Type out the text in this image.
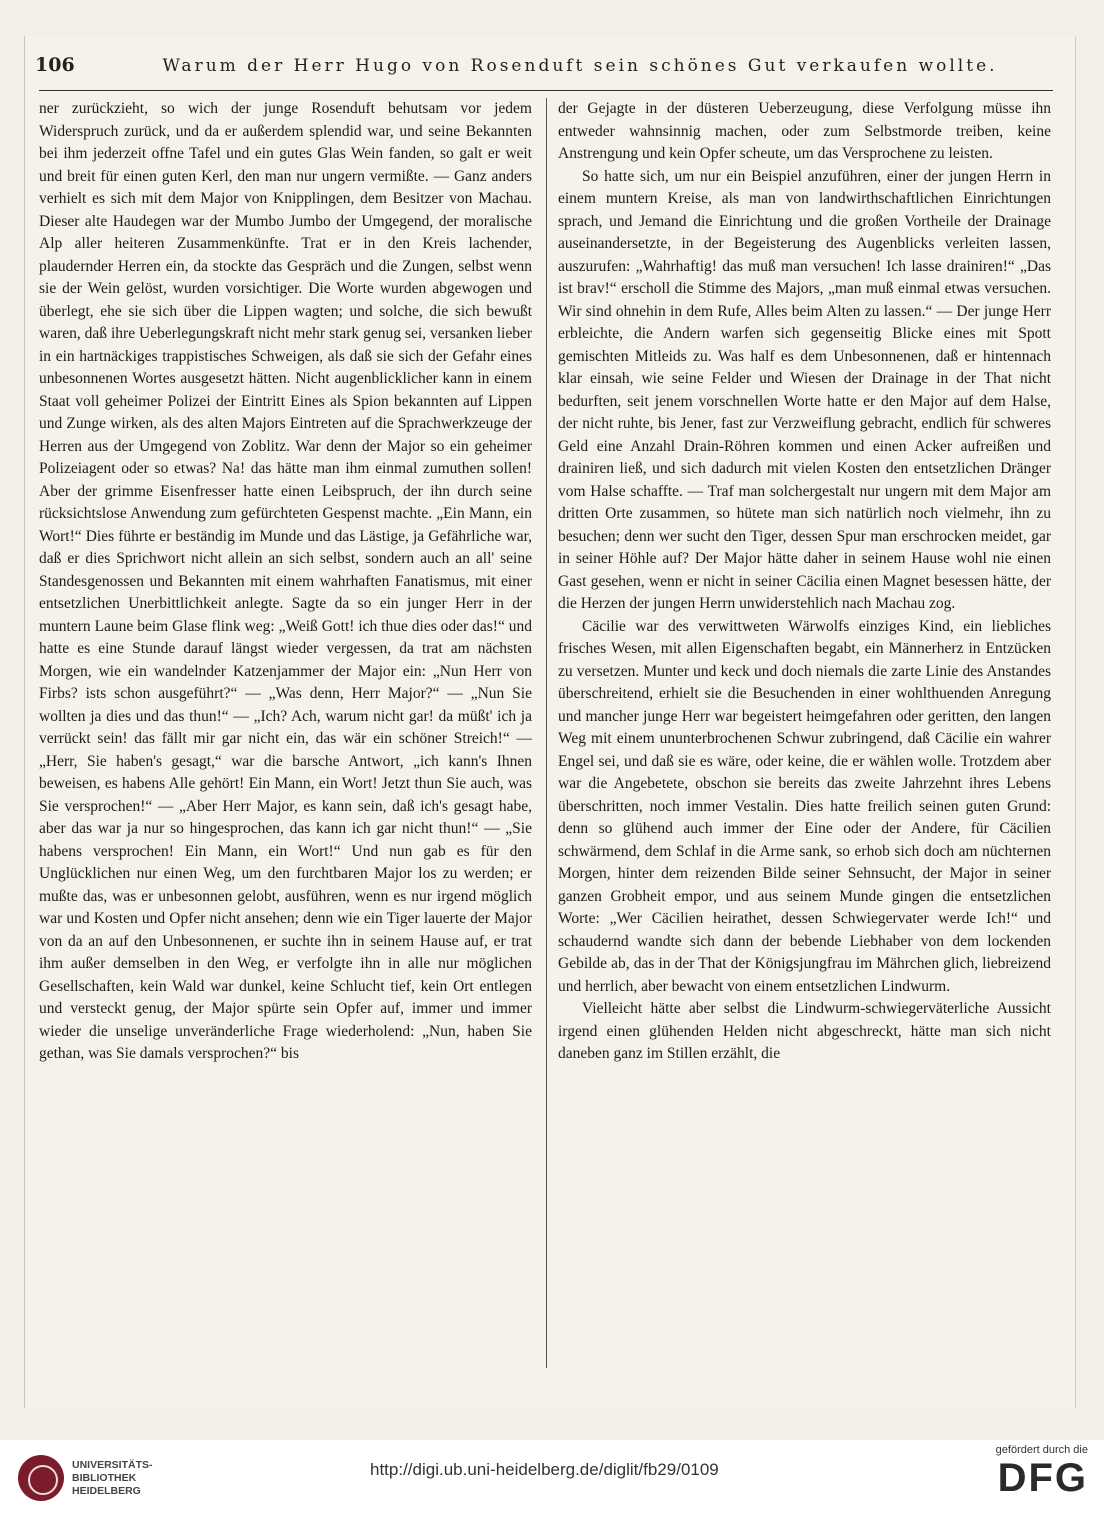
106	Warum der Herr Hugo von Rosenduft sein schönes Gut verkaufen wollte.

ner zurückzieht, so wich der junge Rosenduft behutsam vor jedem Widerspruch zurück, und da er außerdem splendid war, und seine Bekannten bei ihm jederzeit offne Tafel und ein gutes Glas Wein fanden, so galt er weit und breit für einen guten Kerl, den man nur ungern vermißte. — Ganz anders verhielt es sich mit dem Major von Knipplingen, dem Besitzer von Machau. Dieser alte Haudegen war der Mumbo Jumbo der Umgegend, der moralische Alp aller heiteren Zusammenkünfte. Trat er in den Kreis lachender, plaudernder Herren ein, da stockte das Gespräch und die Zungen, selbst wenn sie der Wein gelöst, wurden vorsichtiger. Die Worte wurden abgewogen und überlegt, ehe sie sich über die Lippen wagten; und solche, die sich bewußt waren, daß ihre Ueberlegungskraft nicht mehr stark genug sei, versanken lieber in ein hartnäckiges trappistisches Schweigen, als daß sie sich der Gefahr eines unbesonnenen Wortes ausgesetzt hätten. Nicht augenblicklicher kann in einem Staat voll geheimer Polizei der Eintritt Eines als Spion bekannten auf Lippen und Zunge wirken, als des alten Majors Eintreten auf die Sprachwerkzeuge der Herren aus der Umgegend von Zoblitz. War denn der Major so ein geheimer Polizeiagent oder so etwas? Na! das hätte man ihm einmal zumuthen sollen! Aber der grimme Eisenfresser hatte einen Leibspruch, der ihn durch seine rücksichtslose Anwendung zum gefürchteten Gespenst machte. „Ein Mann, ein Wort!“ Dies führte er beständig im Munde und das Lästige, ja Gefährliche war, daß er dies Sprichwort nicht allein an sich selbst, sondern auch an all' seine Standesgenossen und Bekannten mit einem wahrhaften Fanatismus, mit einer entsetzlichen Unerbittlichkeit anlegte. Sagte da so ein junger Herr in der muntern Laune beim Glase flink weg: „Weiß Gott! ich thue dies oder das!“ und hatte es eine Stunde darauf längst wieder vergessen, da trat am nächsten Morgen, wie ein wandelnder Katzenjammer der Major ein: „Nun Herr von Firbs? ists schon ausgeführt?“ — „Was denn, Herr Major?“ — „Nun Sie wollten ja dies und das thun!“ — „Ich? Ach, warum nicht gar! da müßt' ich ja verrückt sein! das fällt mir gar nicht ein, das wär ein schöner Streich!“ — „Herr, Sie haben's gesagt,“ war die barsche Antwort, „ich kann's Ihnen beweisen, es habens Alle gehört! Ein Mann, ein Wort! Jetzt thun Sie auch, was Sie versprochen!“ — „Aber Herr Major, es kann sein, daß ich's gesagt habe, aber das war ja nur so hingesprochen, das kann ich gar nicht thun!“ — „Sie habens versprochen! Ein Mann, ein Wort!“ Und nun gab es für den Unglücklichen nur einen Weg, um den furchtbaren Major los zu werden; er mußte das, was er unbesonnen gelobt, ausführen, wenn es nur irgend möglich war und Kosten und Opfer nicht ansehen; denn wie ein Tiger lauerte der Major von da an auf den Unbesonnenen, er suchte ihn in seinem Hause auf, er trat ihm außer demselben in den Weg, er verfolgte ihn in alle nur möglichen Gesellschaften, kein Wald war dunkel, keine Schlucht tief, kein Ort entlegen und versteckt genug, der Major spürte sein Opfer auf, immer und immer wieder die unselige unveränderliche Frage wiederholend: „Nun, haben Sie gethan, was Sie damals versprochen?“ bis

der Gejagte in der düsteren Ueberzeugung, diese Verfolgung müsse ihn entweder wahnsinnig machen, oder zum Selbstmorde treiben, keine Anstrengung und kein Opfer scheute, um das Versprochene zu leisten.

So hatte sich, um nur ein Beispiel anzuführen, einer der jungen Herrn in einem muntern Kreise, als man von landwirthschaftlichen Einrichtungen sprach, und Jemand die Einrichtung und die großen Vortheile der Drainage auseinandersetzte, in der Begeisterung des Augenblicks verleiten lassen, auszurufen: „Wahrhaftig! das muß man versuchen! Ich lasse drainiren!“ „Das ist brav!“ erscholl die Stimme des Majors, „man muß einmal etwas versuchen. Wir sind ohnehin in dem Rufe, Alles beim Alten zu lassen.“ — Der junge Herr erbleichte, die Andern warfen sich gegenseitig Blicke eines mit Spott gemischten Mitleids zu. Was half es dem Unbesonnenen, daß er hintennach klar einsah, wie seine Felder und Wiesen der Drainage in der That nicht bedurften, seit jenem vorschnellen Worte hatte er den Major auf dem Halse, der nicht ruhte, bis Jener, fast zur Verzweiflung gebracht, endlich für schweres Geld eine Anzahl Drain-Röhren kommen und einen Acker aufreißen und drainiren ließ, und sich dadurch mit vielen Kosten den entsetzlichen Dränger vom Halse schaffte. — Traf man solchergestalt nur ungern mit dem Major am dritten Orte zusammen, so hütete man sich natürlich noch vielmehr, ihn zu besuchen; denn wer sucht den Tiger, dessen Spur man erschrocken meidet, gar in seiner Höhle auf? Der Major hätte daher in seinem Hause wohl nie einen Gast gesehen, wenn er nicht in seiner Cäcilia einen Magnet besessen hätte, der die Herzen der jungen Herrn unwiderstehlich nach Machau zog.

Cäcilie war des verwittweten Wärwolfs einziges Kind, ein liebliches frisches Wesen, mit allen Eigenschaften begabt, ein Männerherz in Entzücken zu versetzen. Munter und keck und doch niemals die zarte Linie des Anstandes überschreitend, erhielt sie die Besuchenden in einer wohlthuenden Anregung und mancher junge Herr war begeistert heimgefahren oder geritten, den langen Weg mit einem ununterbrochenen Schwur zubringend, daß Cäcilie ein wahrer Engel sei, und daß sie es wäre, oder keine, die er wählen wolle. Trotzdem aber war die Angebetete, obschon sie bereits das zweite Jahrzehnt ihres Lebens überschritten, noch immer Vestalin. Dies hatte freilich seinen guten Grund: denn so glühend auch immer der Eine oder der Andere, für Cäcilien schwärmend, dem Schlaf in die Arme sank, so erhob sich doch am nüchternen Morgen, hinter dem reizenden Bilde seiner Sehnsucht, der Major in seiner ganzen Grobheit empor, und aus seinem Munde gingen die entsetzlichen Worte: „Wer Cäcilien heirathet, dessen Schwiegervater werde Ich!“ und schaudernd wandte sich dann der bebende Liebhaber von dem lockenden Gebilde ab, das in der That der Königsjungfrau im Mährchen glich, liebreizend und herrlich, aber bewacht von einem entsetzlichen Lindwurm.

Vielleicht hätte aber selbst die Lindwurm-schwiegerväterliche Aussicht irgend einen glühenden Helden nicht abgeschreckt, hätte man sich nicht daneben ganz im Stillen erzählt, die

UNIVERSITÄTS-
BIBLIOTHEK
HEIDELBERG
http://digi.ub.uni-heidelberg.de/diglit/fb29/0109
gefördert durch die
DFG
